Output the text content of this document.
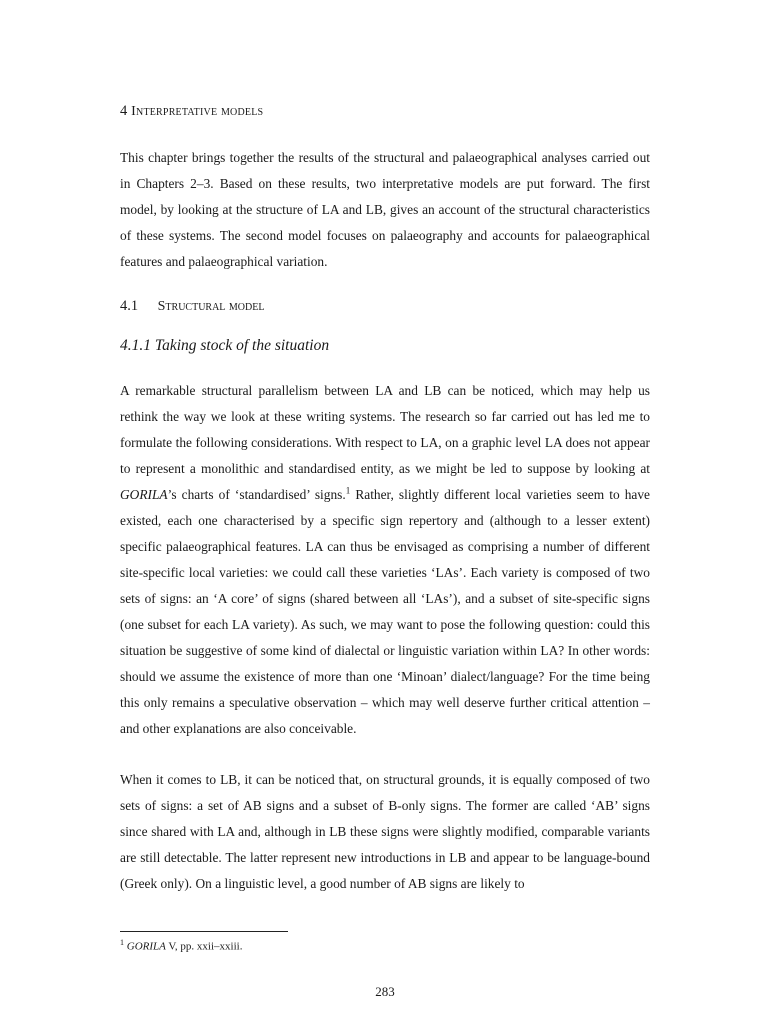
4 Interpretative models

This chapter brings together the results of the structural and palaeographical analyses carried out in Chapters 2–3. Based on these results, two interpretative models are put forward. The first model, by looking at the structure of LA and LB, gives an account of the structural characteristics of these systems. The second model focuses on palaeography and accounts for palaeographical features and palaeographical variation.

4.1 Structural model
4.1.1 Taking stock of the situation

A remarkable structural parallelism between LA and LB can be noticed, which may help us rethink the way we look at these writing systems. The research so far carried out has led me to formulate the following considerations. With respect to LA, on a graphic level LA does not appear to represent a monolithic and standardised entity, as we might be led to suppose by looking at GORILA’s charts of ‘standardised’ signs.$^1$ Rather, slightly different local varieties seem to have existed, each one characterised by a specific sign repertory and (although to a lesser extent) specific palaeographical features. LA can thus be envisaged as comprising a number of different site-specific local varieties: we could call these varieties ‘LAs’. Each variety is composed of two sets of signs: an ‘A core’ of signs (shared between all ‘LAs’), and a subset of site-specific signs (one subset for each LA variety). As such, we may want to pose the following question: could this situation be suggestive of some kind of dialectal or linguistic variation within LA? In other words: should we assume the existence of more than one ‘Minoan’ dialect/language? For the time being this only remains a speculative observation – which may well deserve further critical attention – and other explanations are also conceivable.

When it comes to LB, it can be noticed that, on structural grounds, it is equally composed of two sets of signs: a set of AB signs and a subset of B-only signs. The former are called ‘AB’ signs since shared with LA and, although in LB these signs were slightly modified, comparable variants are still detectable. The latter represent new introductions in LB and appear to be language-bound (Greek only). On a linguistic level, a good number of AB signs are likely to

$^1$ GORILA V, pp. xxii–xxiii.
283
